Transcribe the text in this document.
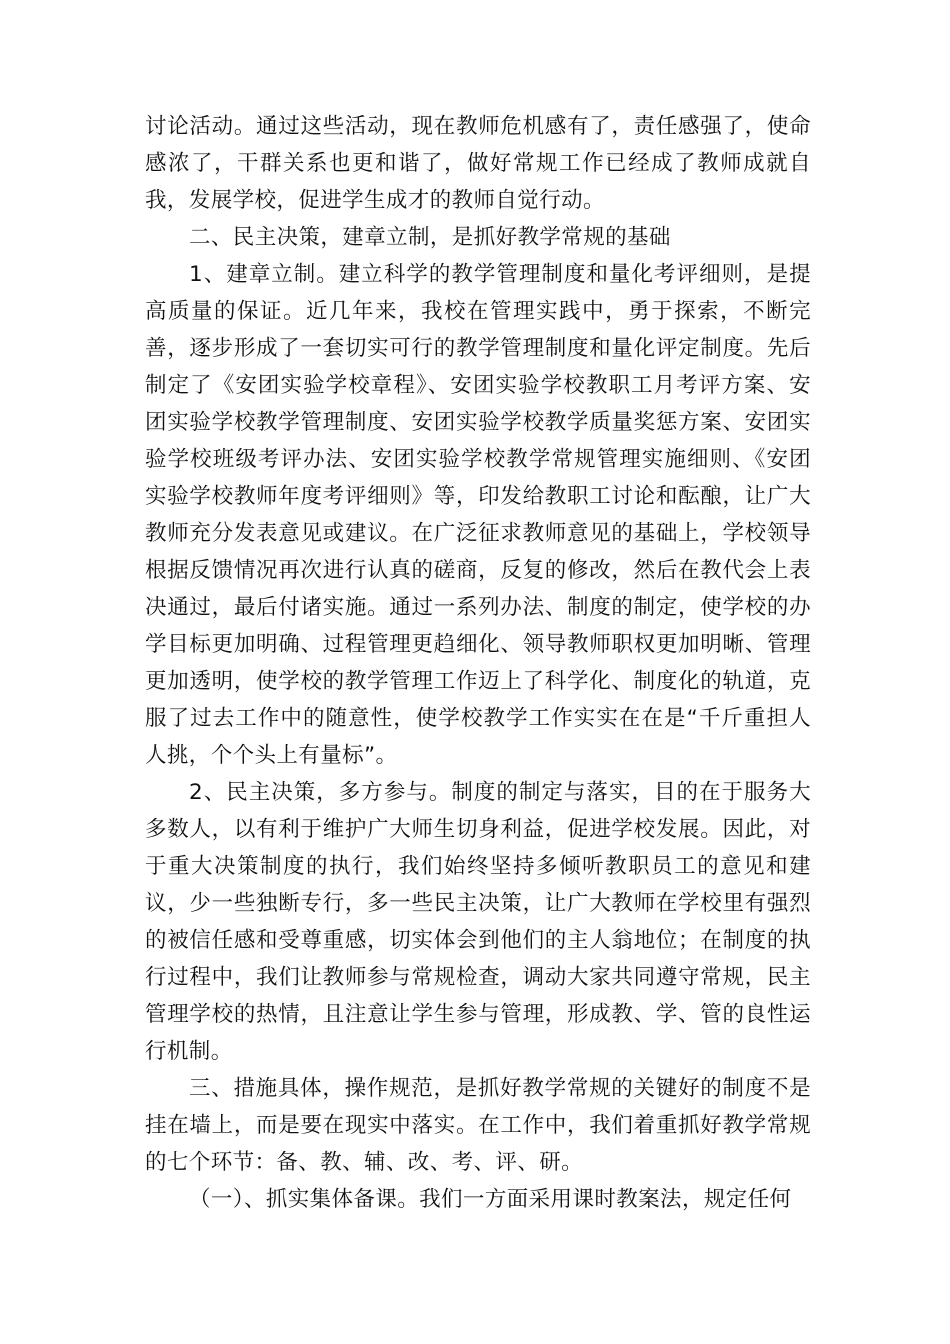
讨论活动。通过这些活动，现在教师危机感有了，责任感强了，使命感浓了，干群关系也更和谐了，做好常规工作已经成了教师成就自我，发展学校，促进学生成才的教师自觉行动。

二、民主决策，建章立制，是抓好教学常规的基础

1、建章立制。建立科学的教学管理制度和量化考评细则，是提高质量的保证。近几年来，我校在管理实践中，勇于探索，不断完善，逐步形成了一套切实可行的教学管理制度和量化评定制度。先后制定了《安团实验学校章程》、安团实验学校教职工月考评方案、安团实验学校教学管理制度、安团实验学校教学质量奖惩方案、安团实验学校班级考评办法、安团实验学校教学常规管理实施细则、《安团实验学校教师年度考评细则》等，印发给教职工讨论和酝酿，让广大教师充分发表意见或建议。在广泛征求教师意见的基础上，学校领导根据反馈情况再次进行认真的磋商，反复的修改，然后在教代会上表决通过，最后付诸实施。通过一系列办法、制度的制定，使学校的办学目标更加明确、过程管理更趋细化、领导教师职权更加明晰、管理更加透明，使学校的教学管理工作迈上了科学化、制度化的轨道，克服了过去工作中的随意性，使学校教学工作实实在在是“千斤重担人人挑，个个头上有量标”。

2、民主决策，多方参与。制度的制定与落实，目的在于服务大多数人，以有利于维护广大师生切身利益，促进学校发展。因此，对于重大决策制度的执行，我们始终坚持多倾听教职员工的意见和建议，少一些独断专行，多一些民主决策，让广大教师在学校里有强烈的被信任感和受尊重感，切实体会到他们的主人翁地位；在制度的执行过程中，我们让教师参与常规检查，调动大家共同遵守常规，民主管理学校的热情，且注意让学生参与管理，形成教、学、管的良性运行机制。

三、措施具体，操作规范，是抓好教学常规的关键好的制度不是挂在墙上，而是要在现实中落实。在工作中，我们着重抓好教学常规的七个环节：备、教、辅、改、考、评、研。

（一）、抓实集体备课。我们一方面采用课时教案法，规定任何
